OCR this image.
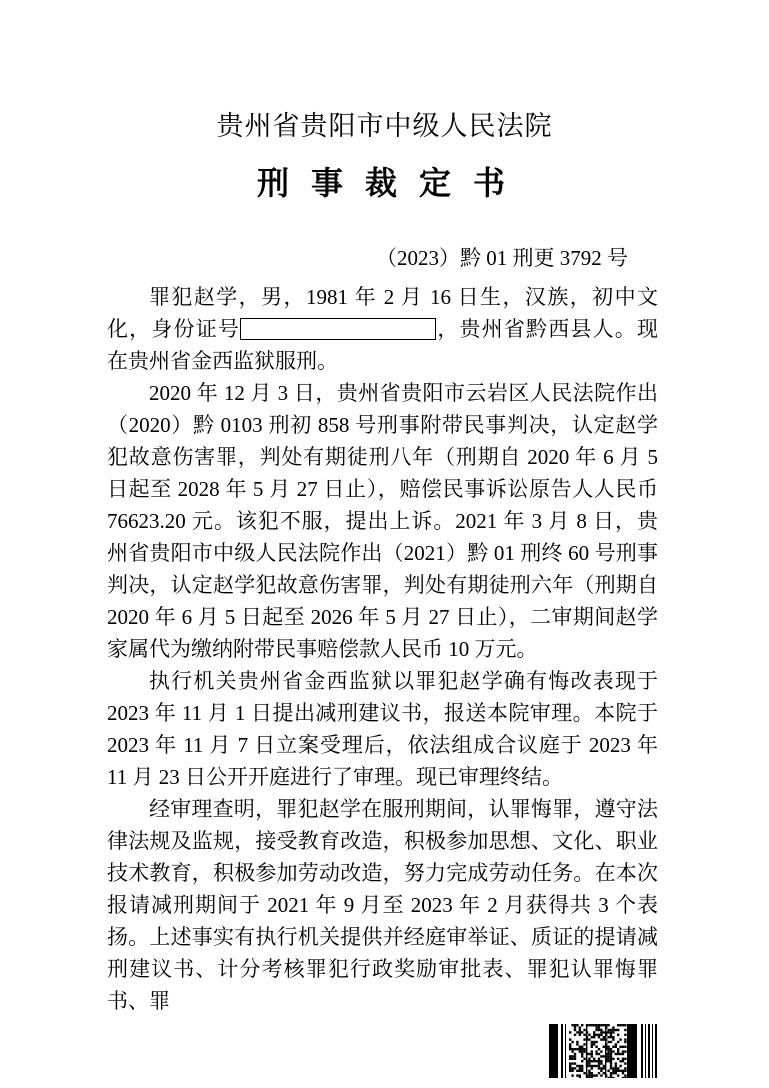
贵州省贵阳市中级人民法院
刑 事 裁 定 书
（2023）黔 01 刑更 3792 号

罪犯赵学，男，1981 年 2 月 16 日生，汉族，初中文化，身份证号	，贵州省黔西县人。现在贵州省金西监狱服刑。

2020 年 12 月 3 日，贵州省贵阳市云岩区人民法院作出（2020）黔 0103 刑初 858 号刑事附带民事判决，认定赵学犯故意伤害罪，判处有期徒刑八年（刑期自 2020 年 6 月 5 日起至 2028 年 5 月 27 日止），赔偿民事诉讼原告人人民币 76623.20 元。该犯不服，提出上诉。2021 年 3 月 8 日，贵州省贵阳市中级人民法院作出（2021）黔 01 刑终 60 号刑事判决，认定赵学犯故意伤害罪，判处有期徒刑六年（刑期自 2020 年 6 月 5 日起至 2026 年 5 月 27 日止），二审期间赵学家属代为缴纳附带民事赔偿款人民币 10 万元。

执行机关贵州省金西监狱以罪犯赵学确有悔改表现于 2023 年 11 月 1 日提出减刑建议书，报送本院审理。本院于 2023 年 11 月 7 日立案受理后，依法组成合议庭于 2023 年 11 月 23 日公开开庭进行了审理。现已审理终结。

经审理查明，罪犯赵学在服刑期间，认罪悔罪，遵守法律法规及监规，接受教育改造，积极参加思想、文化、职业技术教育，积极参加劳动改造，努力完成劳动任务。在本次报请减刑期间于 2021 年 9 月至 2023 年 2 月获得共 3 个表扬。上述事实有执行机关提供并经庭审举证、质证的提请减刑建议书、计分考核罪犯行政奖励审批表、罪犯认罪悔罪书、罪
